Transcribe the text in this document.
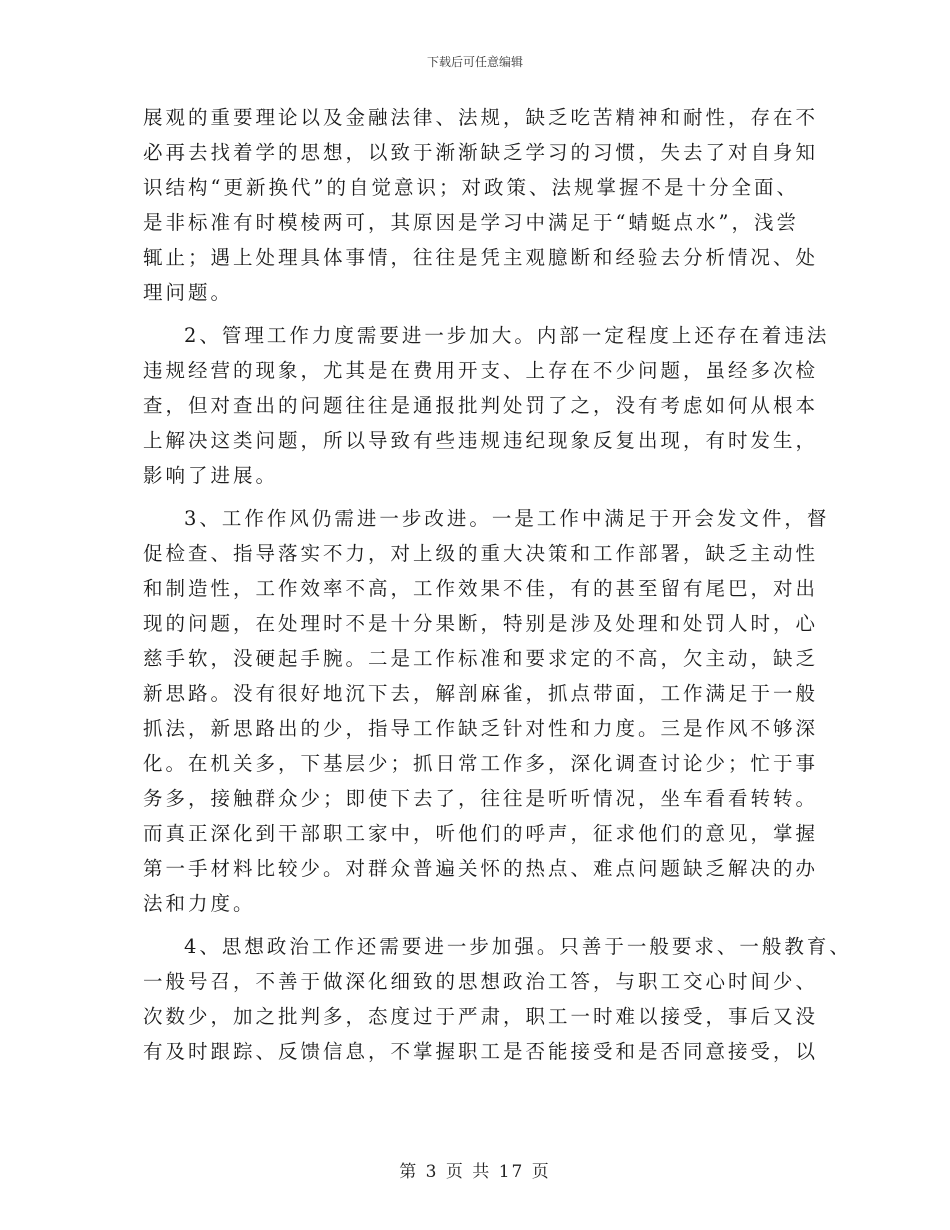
下载后可任意编辑
展观的重要理论以及金融法律、法规，缺乏吃苦精神和耐性，存在不
必再去找着学的思想，以致于渐渐缺乏学习的习惯，失去了对自身知
识结构“更新换代”的自觉意识；对政策、法规掌握不是十分全面、
是非标准有时模棱两可，其原因是学习中满足于“蜻蜓点水”，浅尝
辄止；遇上处理具体事情，往往是凭主观臆断和经验去分析情况、处
理问题。
2、管理工作力度需要进一步加大。内部一定程度上还存在着违法
违规经营的现象，尤其是在费用开支、上存在不少问题，虽经多次检
查，但对查出的问题往往是通报批判处罚了之，没有考虑如何从根本
上解决这类问题，所以导致有些违规违纪现象反复出现，有时发生，
影响了进展。
3、工作作风仍需进一步改进。一是工作中满足于开会发文件，督
促检查、指导落实不力，对上级的重大决策和工作部署，缺乏主动性
和制造性，工作效率不高，工作效果不佳，有的甚至留有尾巴，对出
现的问题，在处理时不是十分果断，特别是涉及处理和处罚人时，心
慈手软，没硬起手腕。二是工作标准和要求定的不高，欠主动，缺乏
新思路。没有很好地沉下去，解剖麻雀，抓点带面，工作满足于一般
抓法，新思路出的少，指导工作缺乏针对性和力度。三是作风不够深
化。在机关多，下基层少；抓日常工作多，深化调查讨论少；忙于事
务多，接触群众少；即使下去了，往往是听听情况，坐车看看转转。
而真正深化到干部职工家中，听他们的呼声，征求他们的意见，掌握
第一手材料比较少。对群众普遍关怀的热点、难点问题缺乏解决的办
法和力度。
4、思想政治工作还需要进一步加强。只善于一般要求、一般教育、
一般号召，不善于做深化细致的思想政治工答，与职工交心时间少、
次数少，加之批判多，态度过于严肃，职工一时难以接受，事后又没
有及时跟踪、反馈信息，不掌握职工是否能接受和是否同意接受，以
第 3 页 共 17 页
